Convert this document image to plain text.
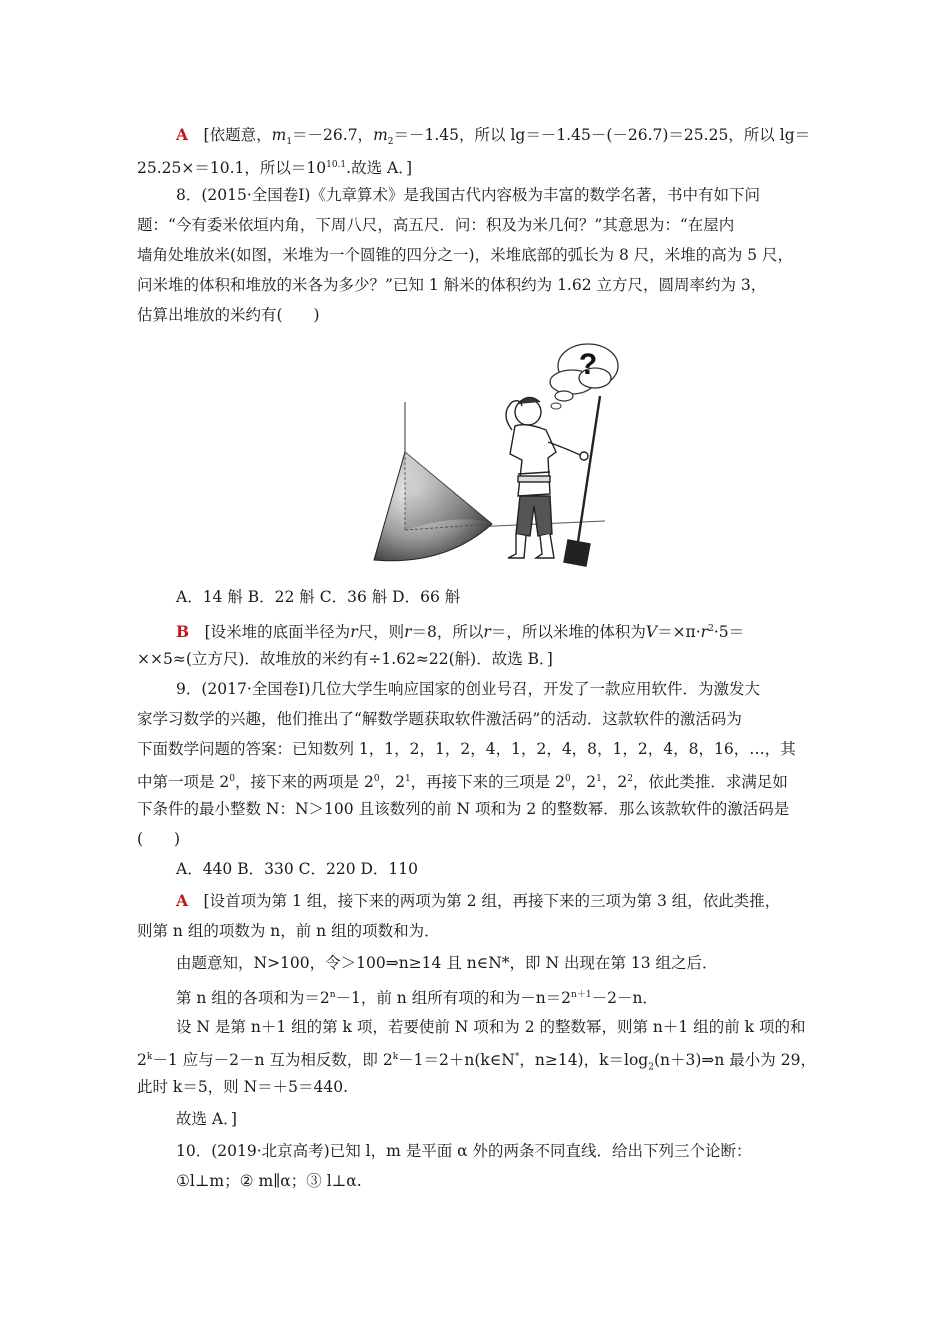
A　 [依题意，$m_1=-26.7$，$m_2=-1.45$，所以 lg＝－1.45－(－26.7)＝25.25，所以 lg＝
25.25×＝10.1，所以$=10^{10.1}$.故选 A．]
8．(2015·全国卷Ⅰ)《九章算术》是我国古代内容极为丰富的数学名著，书中有如下问
题：“今有委米依垣内角，下周八尺，高五尺．问：积及为米几何？”其意思为：“在屋内
墙角处堆放米(如图，米堆为一个圆锥的四分之一)，米堆底部的弧长为 8 尺，米堆的高为 5 尺，
问米堆的体积和堆放的米各为多少？”已知 1 斛米的体积约为 1.62 立方尺，圆周率约为 3，
估算出堆放的米约有(　　)
?
A．14 斛 B．22 斛 C．36 斛 D．66 斛
B　 [设米堆的底面半径为r尺，则r＝8，所以r＝，所以米堆的体积为$V=\times\pi\cdot r^2\cdot 5=$
××5≈(立方尺)．故堆放的米约有÷1.62≈22(斛)．故选 B．]
9．(2017·全国卷Ⅰ)几位大学生响应国家的创业号召，开发了一款应用软件．为激发大
家学习数学的兴趣，他们推出了“解数学题获取软件激活码”的活动．这款软件的激活码为
下面数学问题的答案：已知数列 1，1，2，1，2，4，1，2，4，8，1，2，4，8，16，…，其
中第一项是 $2^0$，接下来的两项是 $2^0$，$2^1$，再接下来的三项是 $2^0$，$2^1$，$2^2$，依此类推．求满足如
下条件的最小整数 N：N＞100 且该数列的前 N 项和为 2 的整数幂．那么该款软件的激活码是
(　　)
A．440 B．330 C．220 D．110
A　 [设首项为第 1 组，接下来的两项为第 2 组，再接下来的三项为第 3 组，依此类推，
则第 n 组的项数为 n，前 n 组的项数和为．
由题意知，N>100，令＞100⇒n≥14 且 n∈N*，即 N 出现在第 13 组之后．
第 n 组的各项和为$=2^n-1$，前 n 组所有项的和为$-n=2^{n+1}-2-n$．
设 N 是第 n＋1 组的第 k 项，若要使前 N 项和为 2 的整数幂，则第 n＋1 组的前 k 项的和
$2^k-1$ 应与－2－n 互为相反数，即 $2^k-1=2+n(k\in N^*$，n≥14)，$k=\log_2(n+3)\Rightarrow n$ 最小为 29，
此时 k＝5，则 N＝＋5＝440.
故选 A．]
10．(2019·北京高考)已知 l，m 是平面 α 外的两条不同直线．给出下列三个论断：
①l⊥m；② m∥α；③ l⊥α.
